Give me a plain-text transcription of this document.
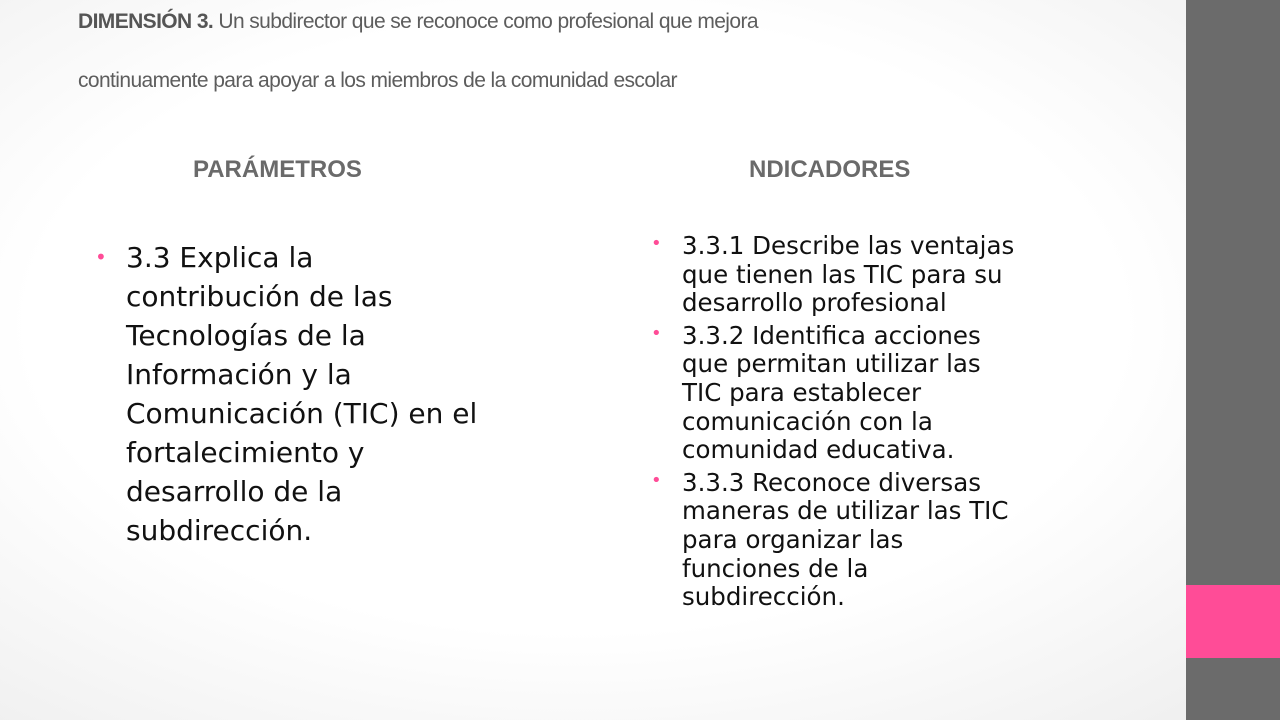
DIMENSIÓN 3. Un subdirector que se reconoce como profesional que mejora
continuamente para apoyar a los miembros de la comunidad escolar
PARÁMETROS	NDICADORES
• 3.3 Explica la
contribución de las
Tecnologías de la
Información y la
Comunicación (TIC) en el
fortalecimiento y
desarrollo de la
subdirección.
• 3.3.1 Describe las ventajas
que tienen las TIC para su
desarrollo profesional
• 3.3.2 Identifica acciones
que permitan utilizar las
TIC para establecer
comunicación con la
comunidad educativa.
• 3.3.3 Reconoce diversas
maneras de utilizar las TIC
para organizar las
funciones de la
subdirección.
